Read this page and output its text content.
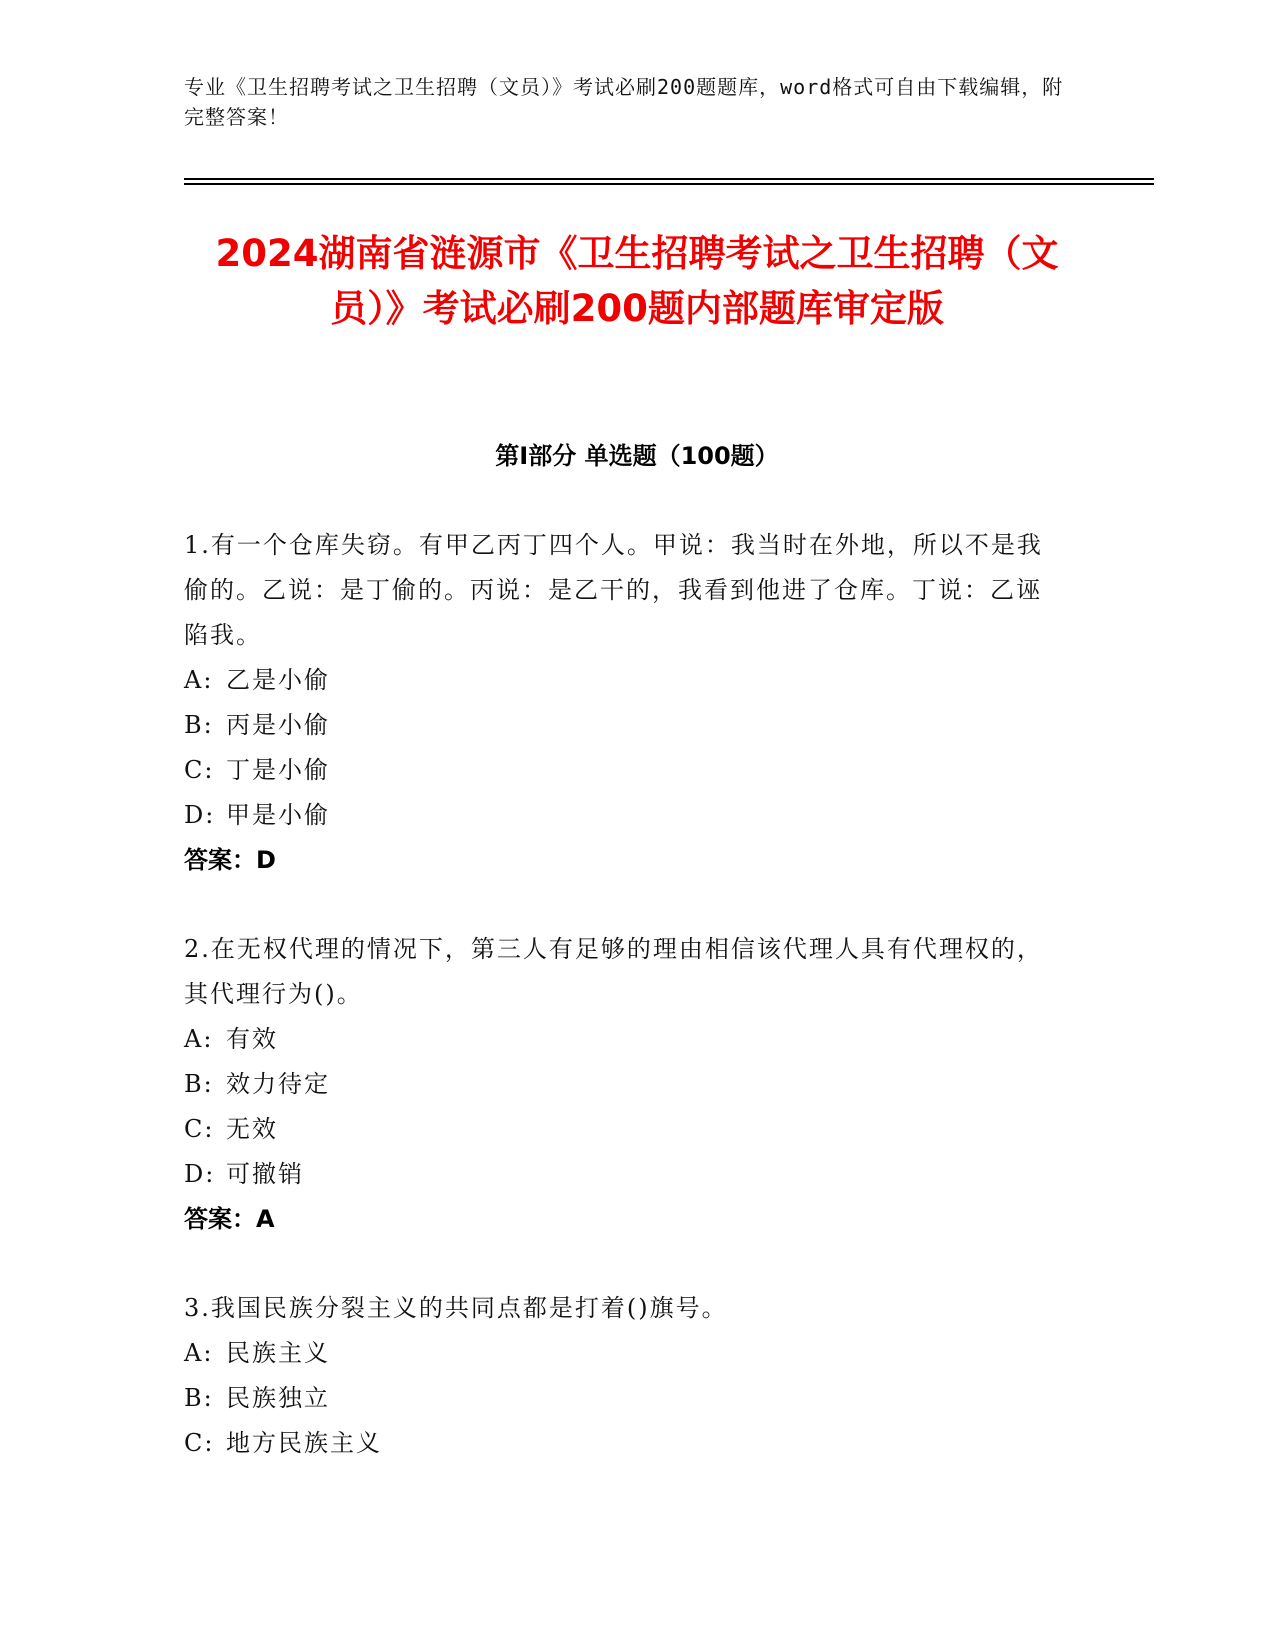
专业《卫生招聘考试之卫生招聘（文员）》考试必刷200题题库，word格式可自由下载编辑，附完整答案！
2024湖南省涟源市《卫生招聘考试之卫生招聘（文员）》考试必刷200题内部题库审定版
第I部分 单选题（100题）
1.有一个仓库失窃。有甲乙丙丁四个人。甲说：我当时在外地，所以不是我偷的。乙说：是丁偷的。丙说：是乙干的，我看到他进了仓库。丁说：乙诬陷我。
A: 乙是小偷
B: 丙是小偷
C: 丁是小偷
D: 甲是小偷
答案：D
2.在无权代理的情况下，第三人有足够的理由相信该代理人具有代理权的，其代理行为()。
A: 有效
B: 效力待定
C: 无效
D: 可撤销
答案：A
3.我国民族分裂主义的共同点都是打着()旗号。
A: 民族主义
B: 民族独立
C: 地方民族主义
